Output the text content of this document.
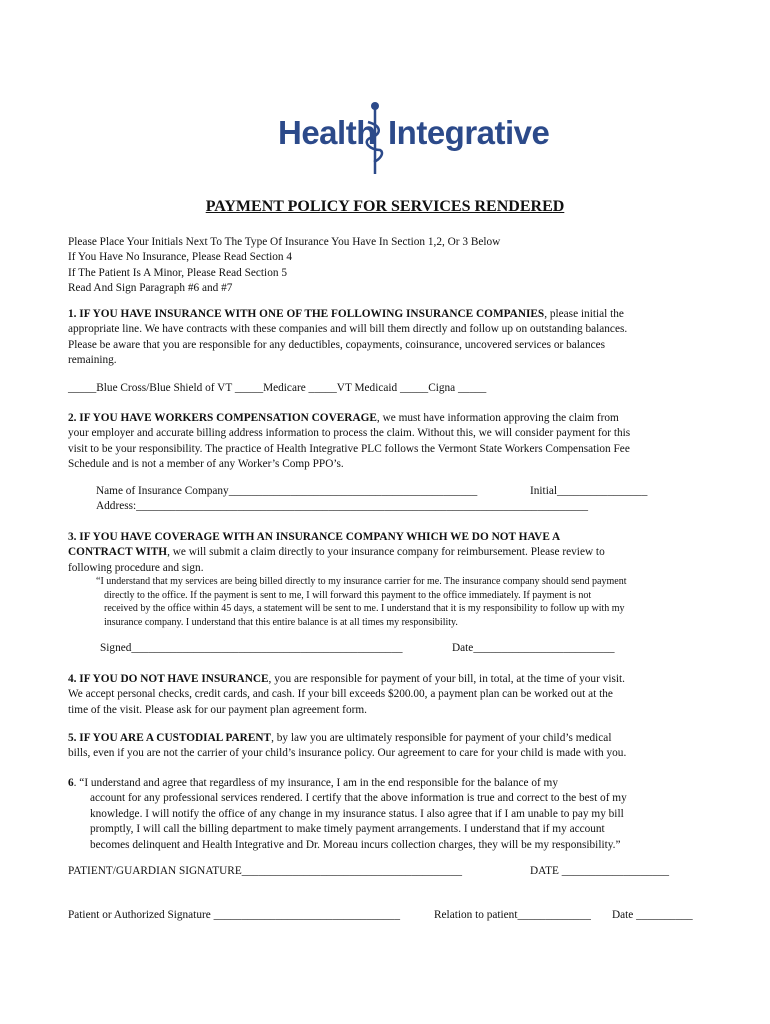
Health Integrative
PAYMENT POLICY FOR SERVICES RENDERED
Please Place Your Initials Next To The Type Of Insurance You Have In Section 1,2, Or 3 Below
If You Have No Insurance, Please Read Section 4
If The Patient Is A Minor, Please Read Section 5
Read And Sign Paragraph #6 and #7
1. IF YOU HAVE INSURANCE WITH ONE OF THE FOLLOWING INSURANCE COMPANIES, please initial the
appropriate line. We have contracts with these companies and will bill them directly and follow up on outstanding balances.
Please be aware that you are responsible for any deductibles, copayments, coinsurance, uncovered services or balances
remaining.
_____Blue Cross/Blue Shield of VT _____Medicare _____VT Medicaid _____Cigna _____
2. IF YOU HAVE WORKERS COMPENSATION COVERAGE, we must have information approving the claim from
your employer and accurate billing address information to process the claim. Without this, we will consider payment for this
visit to be your responsibility. The practice of Health Integrative PLC follows the Vermont State Workers Compensation Fee
Schedule and is not a member of any Worker’s Comp PPO’s.
Name of Insurance Company____________________________________________	Initial________________
Address:________________________________________________________________________________
3. IF YOU HAVE COVERAGE WITH AN INSURANCE COMPANY WHICH WE DO NOT HAVE A
CONTRACT WITH, we will submit a claim directly to your insurance company for reimbursement. Please review to
following procedure and sign.
“I understand that my services are being billed directly to my insurance carrier for me. The insurance company should send payment
directly to the office. If the payment is sent to me, I will forward this payment to the office immediately. If payment is not
received by the office within 45 days, a statement will be sent to me. I understand that it is my responsibility to follow up with my
insurance company. I understand that this entire balance is at all times my responsibility.
Signed________________________________________________	Date_________________________
4. IF YOU DO NOT HAVE INSURANCE, you are responsible for payment of your bill, in total, at the time of your visit.
We accept personal checks, credit cards, and cash. If your bill exceeds $200.00, a payment plan can be worked out at the
time of the visit. Please ask for our payment plan agreement form.
5. IF YOU ARE A CUSTODIAL PARENT, by law you are ultimately responsible for payment of your child’s medical
bills, even if you are not the carrier of your child’s insurance policy. Our agreement to care for your child is made with you.
6. “I understand and agree that regardless of my insurance, I am in the end responsible for the balance of my
account for any professional services rendered. I certify that the above information is true and correct to the best of my
knowledge. I will notify the office of any change in my insurance status. I also agree that if I am unable to pay my bill
promptly, I will call the billing department to make timely payment arrangements. I understand that if my account
becomes delinquent and Health Integrative and Dr. Moreau incurs collection charges, they will be my responsibility.”
PATIENT/GUARDIAN SIGNATURE_______________________________________	DATE ___________________
Patient or Authorized Signature _________________________________	Relation to patient_____________ Date __________
